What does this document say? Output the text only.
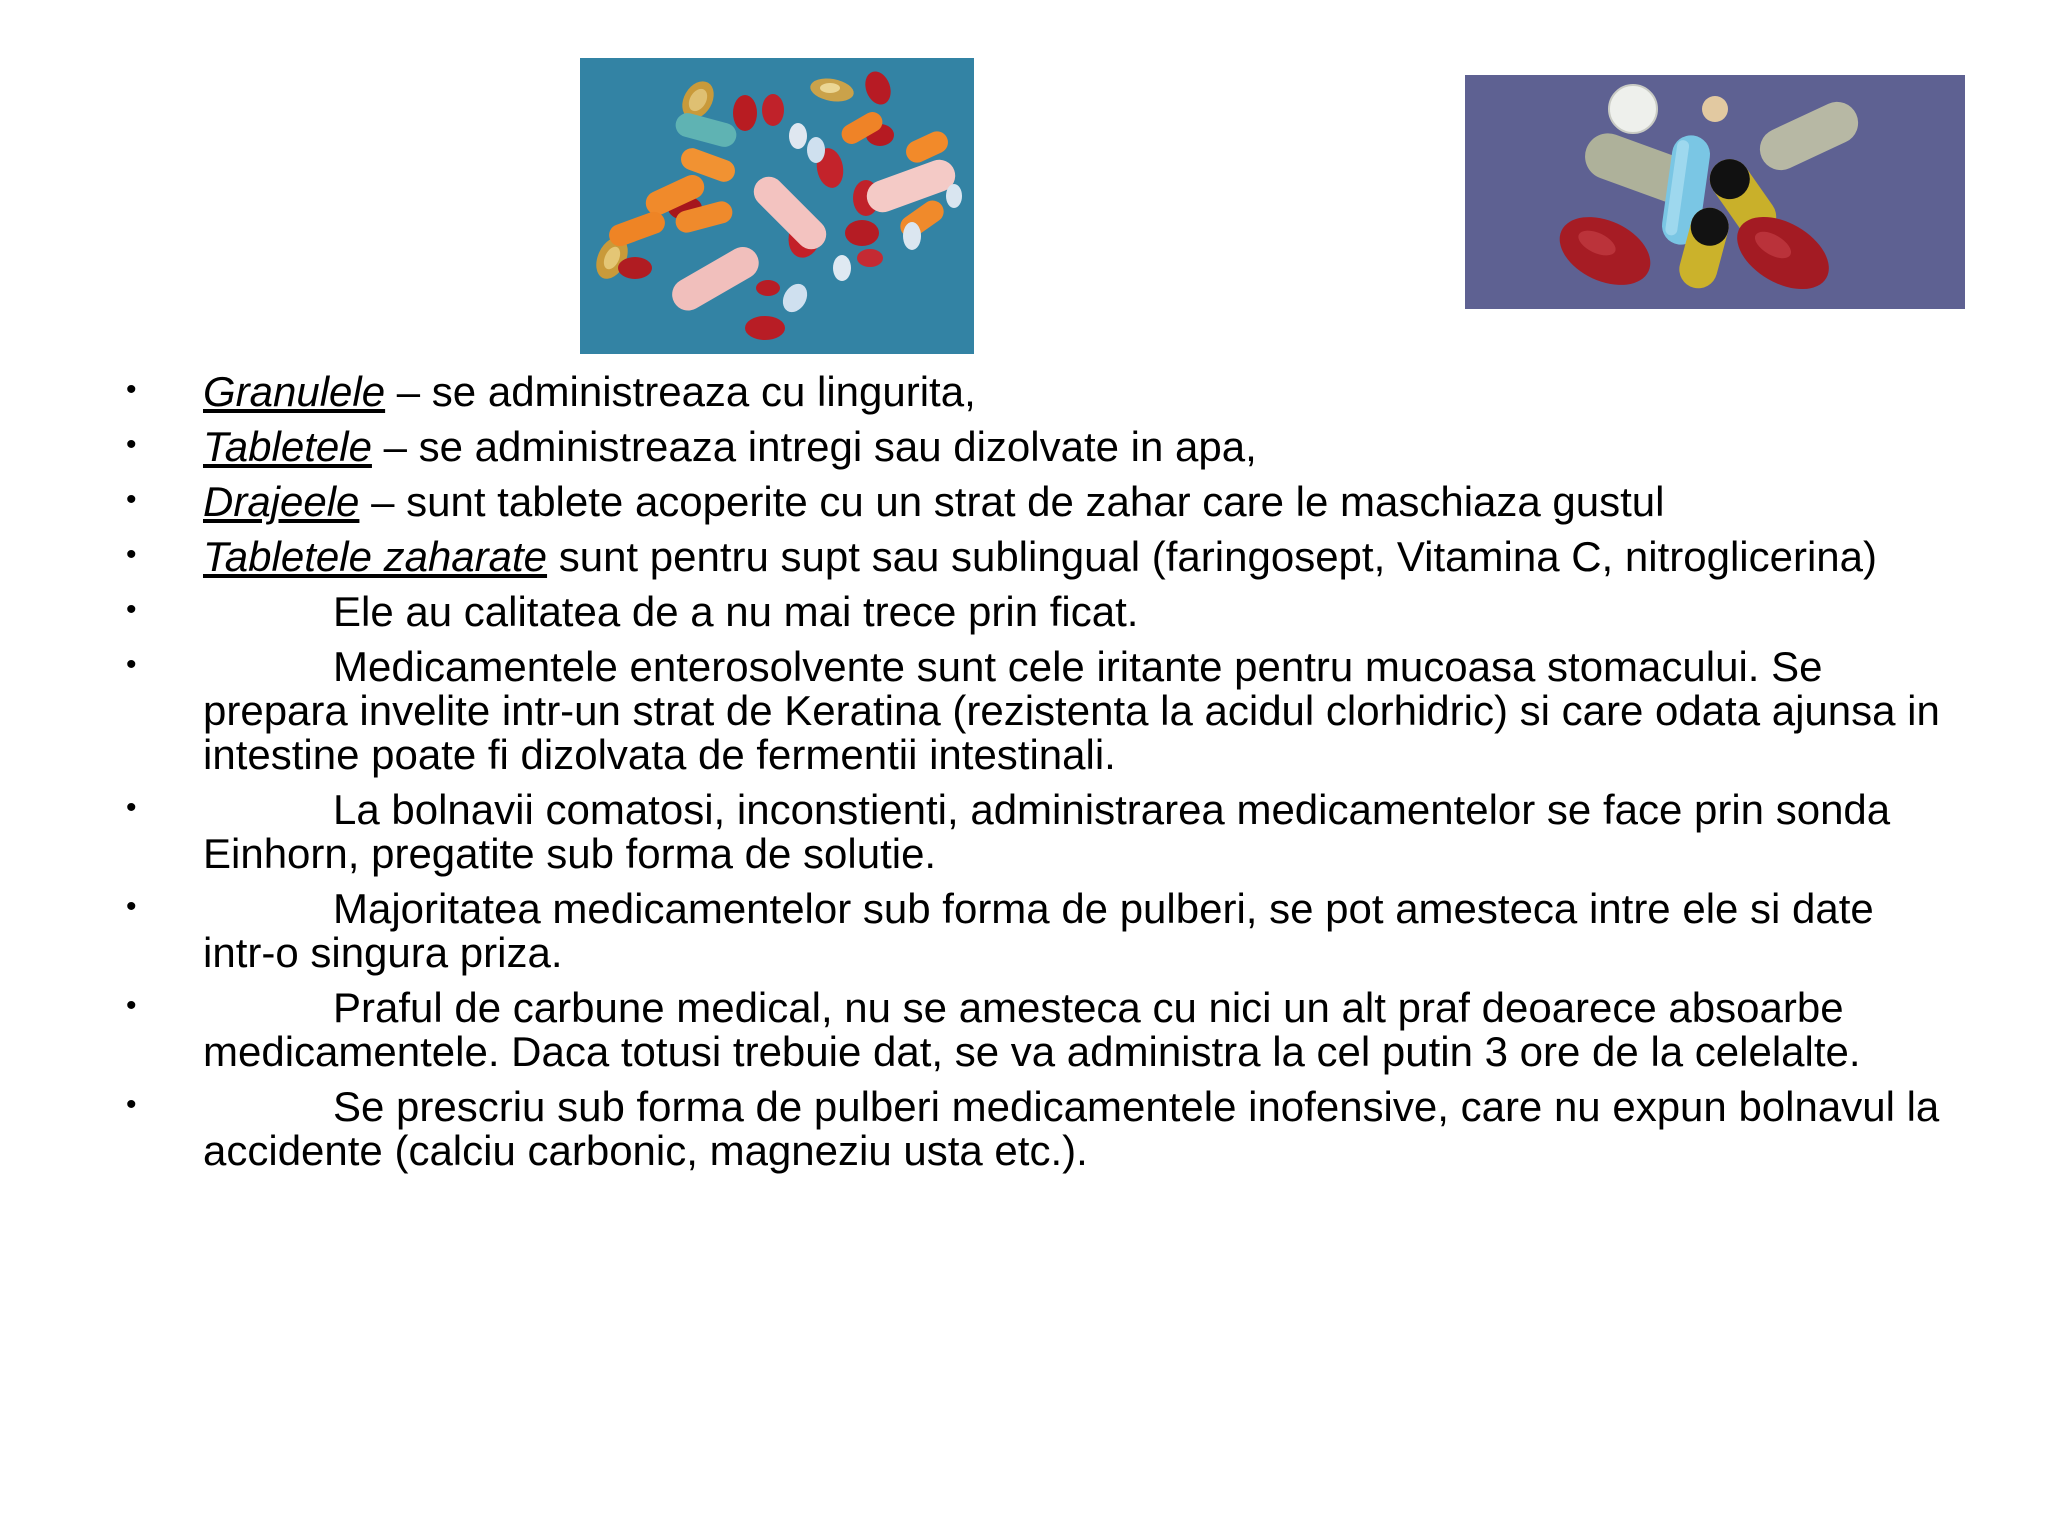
• Granulele – se administreaza cu lingurita,
• Tabletele – se administreaza intregi sau dizolvate in apa,
• Drajeele – sunt tablete acoperite cu un strat de zahar care le maschiaza gustul
• Tabletele zaharate sunt pentru supt sau sublingual (faringosept, Vitamina C, nitroglicerina)
•	Ele au calitatea de a nu mai trece prin ficat.
•	Medicamentele enterosolvente sunt cele iritante pentru mucoasa stomacului. Se prepara invelite intr-un strat de Keratina (rezistenta la acidul clorhidric) si care odata ajunsa in intestine poate fi dizolvata de fermentii intestinali.
•	La bolnavii comatosi, inconstienti, administrarea medicamentelor se face prin sonda Einhorn, pregatite sub forma de solutie.
•	Majoritatea medicamentelor sub forma de pulberi, se pot amesteca intre ele si date intr-o singura priza.
•	Praful de carbune medical, nu se amesteca cu nici un alt praf deoarece absoarbe medicamentele. Daca totusi trebuie dat, se va administra la cel putin 3 ore de la celelalte.
•	Se prescriu sub forma de pulberi medicamentele inofensive, care nu expun bolnavul la accidente (calciu carbonic, magneziu usta etc.).
